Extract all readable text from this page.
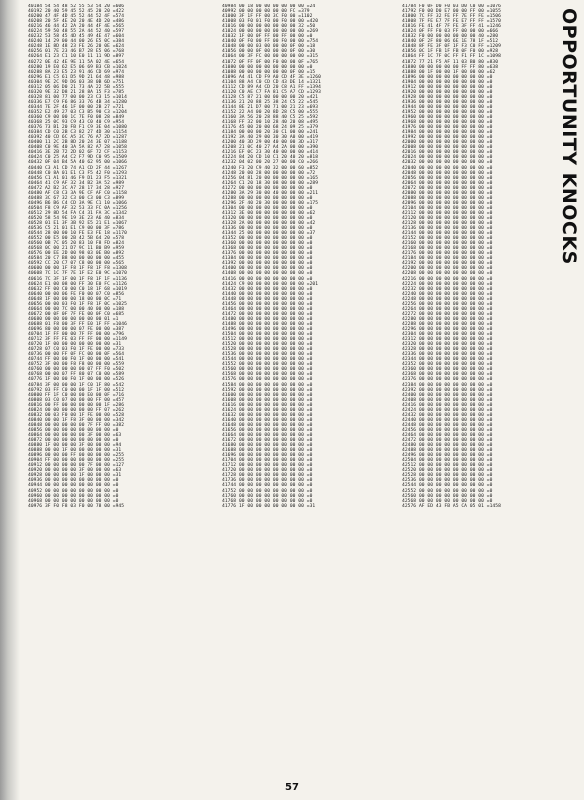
40184 54 54 48 52 55 53 54 20 =606
40192 20 40 59 45 52 45 20 20 =422
40200 47 4F 4D 45 52 44 52 4F =574
40208 20 5F 4E 20 20 4E 4D 20 =486
40216 46 44 42 2A 20 44 4F 4E =565
40224 59 50 48 55 2A 44 52 40 =597
40232 53 58 45 4D 45 49 4E 47 =604
40240 14 29 00 44 00 26 E5 0C =384
40248 1E 8D 48 23 FE 26 20 0E =624
40256 01 7E 23 46 B7 28 E5 06 =768
40264 E1 23 C1 10 E0 11 11 9D =897
40272 0E 42 4E 9E 11 5A 02 4E =654
40280 19 E0 62 E5 06 69 B3 CB =1024
40288 8A 23 E5 23 91 46 CD 69 =974
40296 E1 C5 61 D5 9D 21 64 48 =988
40304 9E 2C 9D D6 03 38 0B 6D =751
40312 05 06 D0 21 73 4A 22 5B =555
40320 9E 32 D8 21 28 8A 15 F3 =785
40328 81 00 77 00 00 23 C3 15 =1014
40336 E7 C9 F6 86 33 76 4B 34 =1280
40344 7E 2F 46 1F 00 00 2B 27 =721
40352 E2 49 27 03 C3 B5 90 C3 =1204
40360 C9 00 00 1C 7E F0 08 28 =849
40368 25 0C 93 C9 43 C0 40 C9 =954
40376 73 B1 20 FB F1 C9 3E 04 =1080
40384 CD C0 2B C3 82 27 4D 30 =1154
40392 40 CD 6C A5 3C 76 A7 2D =1287
40400 11 2C 2B 8D 20 24 3E 07 =1188
40408 C0 9E 40 3A 5A 82 A7 28 =1058
40416 3E 2B 72 2D 02 6F 72 CF =1153
40424 C0 25 A4 C2 F7 9D C0 95 =1509
40432 0F 04 B4 5A 40 62 95 00 =1066
40440 C3 A1 CD 74 A1 CD 2F 44 =1267
40448 C0 8A 01 E1 C3 F5 42 F0 =1293
40456 C1 A1 01 46 F9 D1 23 F5 =1321
40464 41 C9 AF 32 34 B2 3A 52 =989
40472 A2 B2 3C A7 28 17 34 28 =927
40480 AF C8 C3 3A 9E CF AF C0 =1158
40488 3C 67 32 C3 00 C3 00 C3 =899
40496 B6 B6 C4 CD 3A 9E C1 10 =1066
40504 F8 C9 AF 32 53 33 FC 0A =1256
40512 29 8D 54 FA C4 31 FA 3C =1342
40520 58 54 9E 19 3E 23 A6 40 =834
40528 01 E1 3F 3B 92 E5 21 E1 =1067
40536 C5 21 01 E1 C9 00 00 3F =786
40544 28 00 00 10 FE E3 FE 18 =1170
40552 00 E5 00 2B 42 5B 64 20 =578
40560 0B 7C 05 20 83 10 F8 FD =824
40568 0C 00 21 D7 9C 11 B0 B9 =959
40576 00 EE 2D 00 98 03 0E B0 =892
40584 20 C7 B8 00 00 00 00 00 =455
40592 CC 20 C7 07 C8 00 00 00 =565
40600 00 00 1F F8 1F F8 1F F8 =1308
40608 7C 1C 7F 7E 1F E2 E0 9C =1070
40616 7C 3F 1F 00 1F F8 1F 1F =1136
40624 E1 00 08 00 FF 30 E0 FC =1126
40632 FF 00 C0 00 C0 18 1F 68 =1019
40640 00 00 06 FE F0 00 07 C0 =856
40648 1F 00 00 00 18 00 00 0C =71
40656 00 00 03 F0 1F F8 1F 0C =1025
40664 00 00 7C 00 00 40 00 00 =188
40672 00 0F 0F 7F FE 00 0F C0 =685
40680 00 00 00 00 00 00 00 01 =1
40688 01 F8 00 3F FF E0 1F FF =1046
40696 80 00 00 00 07 FE 00 00 =387
40704 1F FF 00 00 7F FF 00 00 =796
40712 3F FF FE 03 FF FF 00 00 =1149
40720 1F 00 00 00 00 00 00 00 =31
40728 07 C0 03 F0 1F FE 00 00 =733
40736 00 00 FF 0F FC 00 00 0F =564
40744 FF 00 00 F0 1F 00 00 00 =541
40752 3F 00 00 F8 F8 00 00 00 =559
40760 00 00 00 00 00 07 FF F0 =502
40768 00 00 07 FF 80 07 C0 00 =589
40776 1F 00 00 F0 1F 00 00 00 =526
40784 3F 00 00 00 1F C0 1F 80 =542
40792 03 FF C0 00 00 1F 1F 00 =512
40800 FF 1F C0 00 00 E0 00 0F =716
40808 03 C0 07 00 00 00 FF 00 =457
40816 00 FF 00 00 00 00 00 1F =286
40824 00 00 00 00 00 00 FF 07 =262
40832 00 03 F0 00 1F FE 00 00 =528
40840 00 00 1F F8 3F 00 00 00 =342
40848 00 00 00 00 00 7F FF 00 =382
40856 00 00 00 00 00 00 00 00 =0
40864 00 00 00 00 00 3F 00 00 =63
40872 00 00 00 00 00 00 00 00 =0
40880 1F 00 00 00 3F 00 00 00 =94
40888 00 00 1F 00 00 00 00 00 =31
40896 00 00 00 FF 00 00 00 00 =255
40904 FF 00 00 00 00 00 00 00 =255
40912 00 00 00 00 00 7F 00 00 =127
40920 00 00 00 00 3F 00 00 00 =63
40928 00 00 00 00 1F 00 00 00 =31
40936 00 00 00 00 00 00 00 00 =0
40944 00 00 00 00 00 00 00 00 =0
40952 00 00 00 00 00 00 00 00 =0
40960 00 00 00 00 00 00 00 00 =0
40968 00 00 00 00 00 00 00 00 =0
40976 3F F0 F8 03 F0 00 78 00 =945
40984 00 18 00 00 00 00 00 00 =24
40992 00 00 00 00 00 00 FC =379
41000 3F 1F FF 00 3C F0 00 =1102
41008 03 F0 01 F0 00 F0 00 00 =420
41016 00 00 00 00 00 00 00 32 =50
41024 00 00 00 00 00 00 00 00 =269
41032 1F 00 0F FF 00 FF 00 00 =0
41040 0F F0 00 FF 00 F0 00 00 =754
41048 00 00 03 00 00 00 0F 00 =18
41056 00 00 0F 00 00 00 0F 00 =30
41064 00 3F FC 00 00 00 00 00 =315
41072 0F FF 0F 00 F0 00 00 0F =765
41080 00 00 00 00 00 00 00 00 =0
41088 00 00 00 00 00 00 0F 00 =15
41096 A4 41 CD F9 A0 CD 4F 3E =1260
41104 88 A4 C0 CD CD 43 DE 14 =1321
41112 CD 89 A4 CD 20 C8 A1 FF =1394
41120 C0 AE C7 FA 81 C5 A7 CD =1293
41128 C5 87 21 00 00 00 00 20 =421
41136 21 20 88 25 38 24 C5 22 =545
41144 8E 21 D7 00 71 00 21 23 =693
41152 22 A4 00 20 8D 28 C5 00 =555
41160 3A 56 20 28 88 40 C5 25 =592
41168 FF 32 00 10 28 40 20 08 =495
41176 45 00 20 00 68 24 09 25 =379
41184 00 00 00 20 30 C1 00 00 =241
41192 3A 40 29 00 30 30 A0 00 =419
41200 40 3D 29 00 40 00 00 3D =317
41208 21 0C 40 27 A4 2A 00 00 =390
41216 EF 0C 23 30 40 00 00 00 =414
41224 84 20 CD 10 C1 20 40 20 =818
41232 04 02 00 20 27 00 00 C0 =266
41240 F3 20 C9 40 32 00 00 60 =852
41248 20 00 28 00 00 00 00 00 =72
41256 04 81 20 00 00 00 00 00 =165
41264 C1 20 18 30 08 00 00 00 =289
41272 00 00 00 00 00 00 00 00 =0
41280 3A 29 30 00 40 00 00 00 =211
41288 00 00 00 00 00 00 00 00 =0
41296 2F 40 20 30 00 00 00 00 =175
41304 00 00 00 00 00 00 00 00 =0
41312 3E 00 00 00 00 00 00 00 =62
41320 00 00 00 00 00 00 00 00 =0
41328 2A 00 00 00 00 00 00 00 =42
41336 00 00 00 00 00 00 00 00 =0
41344 25 00 00 00 00 00 00 00 =37
41352 00 00 00 00 00 00 00 00 =0
41360 00 00 00 00 00 00 00 00 =0
41368 00 00 00 00 00 00 00 00 =0
41376 00 00 00 00 00 00 00 00 =0
41384 00 00 00 00 00 00 00 00 =0
41392 00 00 00 00 00 00 00 00 =0
41400 00 00 00 00 00 00 00 00 =0
41408 00 00 00 00 00 00 00 00 =0
41416 00 00 00 00 00 00 00 00 =0
41424 C9 00 00 00 00 00 00 00 =201
41432 00 00 00 00 00 00 00 00 =0
41440 00 00 00 00 00 00 00 00 =0
41448 00 00 00 00 00 00 00 00 =0
41456 00 00 00 00 00 00 00 00 =0
41464 00 00 00 00 00 00 00 00 =0
41472 00 00 00 00 00 00 00 00 =0
41480 00 00 00 00 00 00 00 00 =0
41488 00 00 00 00 00 00 00 00 =0
41496 00 00 00 00 00 00 00 00 =0
41504 00 00 00 00 00 00 00 00 =0
41512 00 00 00 00 00 00 00 00 =0
41520 00 00 00 00 00 00 00 00 =0
41528 00 00 00 00 00 00 00 00 =0
41536 00 00 00 00 00 00 00 00 =0
41544 00 00 00 00 00 00 00 00 =0
41552 00 00 00 00 00 00 00 00 =0
41560 00 00 00 00 00 00 00 00 =0
41568 00 00 00 00 00 00 00 00 =0
41576 00 00 00 00 00 00 00 00 =0
41584 00 00 00 00 00 00 00 00 =0
41592 00 00 00 00 00 00 00 00 =0
41600 00 00 00 00 00 00 00 00 =0
41608 00 00 00 00 00 00 00 00 =0
41616 00 00 00 00 00 00 00 00 =0
41624 00 00 00 00 00 00 00 00 =0
41632 00 00 00 00 00 00 00 00 =0
41640 00 00 00 00 00 00 00 00 =0
41648 00 00 00 00 00 00 00 00 =0
41656 00 00 00 00 00 00 00 00 =0
41664 00 00 00 00 00 00 00 00 =0
41672 00 00 00 00 00 00 00 00 =0
41680 00 00 00 00 00 00 00 00 =0
41688 00 00 00 00 00 00 00 00 =0
41696 00 00 00 00 00 00 00 00 =0
41704 00 00 00 00 00 00 00 00 =0
41712 00 00 00 00 00 00 00 00 =0
41720 00 00 00 00 00 00 00 00 =0
41728 00 00 00 00 00 00 00 00 =0
41736 00 00 00 00 00 00 00 00 =0
41744 00 00 00 00 00 00 00 00 =0
41752 00 00 00 00 00 00 00 00 =0
41760 00 00 00 00 00 00 00 00 =0
41768 00 00 00 00 00 00 00 00 =0
41776 1F 00 00 00 00 00 00 00 =31
41784 F0 0F D0 F0 03 D0 C0 00 =1076
41792 F0 00 D0 E7 00 00 FF 00 =1055
41800 7C FF 32 FE FF 7E FF FE =1506
41808 7F FE E7 7F FE E7 FF FF =1570
41816 FE 41 4F 7F FE 3F FF 41 =1246
41824 0F FF F0 03 FF 00 00 00 =666
41832 F0 00 00 00 00 00 00 40 =280
41840 0F 2F 80 06 6E 1E 78 1F =512
41848 8F FE 3F 0F 1F F3 C0 FF =1209
41856 0C 1F FB 1F FB 0F F0 00 =928
41864 FF 1C 7F 0C FF F1 FF 1C =1098
41872 77 21 F5 AF 11 03 B0 80 =830
41880 00 00 00 00 00 FF FF 80 =638
41888 00 1F 00 00 1F 00 00 00 =62
41896 00 00 00 00 00 00 00 00 =0
41904 00 00 00 00 00 00 00 00 =0
41912 00 00 00 00 00 00 00 00 =0
41920 00 00 00 00 00 00 00 00 =0
41928 00 00 00 00 00 00 00 00 =0
41936 00 00 00 00 00 00 00 00 =0
41944 00 00 00 00 00 00 00 00 =0
41952 00 00 00 00 00 00 00 00 =0
41960 00 00 00 00 00 00 00 00 =0
41968 00 00 00 00 00 00 00 00 =0
41976 00 00 00 00 00 00 00 00 =0
41984 00 00 00 00 00 00 00 00 =0
41992 00 00 00 00 00 00 00 00 =0
42000 00 00 00 00 00 00 00 00 =0
42008 00 00 00 00 00 00 00 00 =0
42016 00 00 00 00 00 00 00 00 =0
42024 00 00 00 00 00 00 00 00 =0
42032 00 00 00 00 00 00 00 00 =0
42040 00 00 00 00 00 00 00 00 =0
42048 00 00 00 00 00 00 00 00 =0
42056 00 00 00 00 00 00 00 00 =0
42064 00 00 00 00 00 00 00 00 =0
42072 00 00 00 00 00 00 00 00 =0
42080 00 00 00 00 00 00 00 00 =0
42088 00 00 00 00 00 00 00 00 =0
42096 00 00 00 00 00 00 00 00 =0
42104 00 00 00 00 00 00 00 00 =0
42112 00 00 00 00 00 00 00 00 =0
42120 00 00 00 00 00 00 00 00 =0
42128 00 00 00 00 00 00 00 00 =0
42136 00 00 00 00 00 00 00 00 =0
42144 00 00 00 00 00 00 00 00 =0
42152 00 00 00 00 00 00 00 00 =0
42160 00 00 00 00 00 00 00 00 =0
42168 00 00 00 00 00 00 00 00 =0
42176 00 00 00 00 00 00 00 00 =0
42184 00 00 00 00 00 00 00 00 =0
42192 00 00 00 00 00 00 00 00 =0
42200 00 00 00 00 00 00 00 00 =0
42208 00 00 00 00 00 00 00 00 =0
42216 00 00 00 00 00 00 00 00 =0
42224 00 00 00 00 00 00 00 00 =0
42232 00 00 00 00 00 00 00 00 =0
42240 00 00 00 00 00 00 00 00 =0
42248 00 00 00 00 00 00 00 00 =0
42256 00 00 00 00 00 00 00 00 =0
42264 00 00 00 00 00 00 00 00 =0
42272 00 00 00 00 00 00 00 00 =0
42280 00 00 00 00 00 00 00 00 =0
42288 00 00 00 00 00 00 00 00 =0
42296 00 00 00 00 00 00 00 00 =0
42304 00 00 00 00 00 00 00 00 =0
42312 00 00 00 00 00 00 00 00 =0
42320 00 00 00 00 00 00 00 00 =0
42328 00 00 00 00 00 00 00 00 =0
42336 00 00 00 00 00 00 00 00 =0
42344 00 00 00 00 00 00 00 00 =0
42352 00 00 00 00 00 00 00 00 =0
42360 00 00 00 00 00 00 00 00 =0
42368 00 00 00 00 00 00 00 00 =0
42376 00 00 00 00 00 00 00 00 =0
42384 00 00 00 00 00 00 00 00 =0
42392 00 00 00 00 00 00 00 00 =0
42400 00 00 00 00 00 00 00 00 =0
42408 00 00 00 00 00 00 00 00 =0
42416 00 00 00 00 00 00 00 00 =0
42424 00 00 00 00 00 00 00 00 =0
42432 00 00 00 00 00 00 00 00 =0
42440 00 00 00 00 00 00 00 00 =0
42448 00 00 00 00 00 00 00 00 =0
42456 00 00 00 00 00 00 00 00 =0
42464 00 00 00 00 00 00 00 00 =0
42472 00 00 00 00 00 00 00 00 =0
42480 00 00 00 00 00 00 00 00 =0
42488 00 00 00 00 00 00 00 00 =0
42496 00 00 00 00 00 00 00 00 =0
42504 00 00 00 00 00 00 00 00 =0
42512 00 00 00 00 00 00 00 00 =0
42520 00 00 00 00 00 00 00 00 =0
42528 00 00 00 00 00 00 00 00 =0
42536 00 00 00 00 00 00 00 00 =0
42544 00 00 00 00 00 00 00 00 =0
42552 00 00 00 00 00 00 00 00 =0
42560 00 00 00 00 00 00 00 00 =0
42568 00 00 00 00 00 00 00 00 =0
42576 AF ED 43 FB A5 CA 05 01 =1458
OPPORTUNITY KNOCKS
57
